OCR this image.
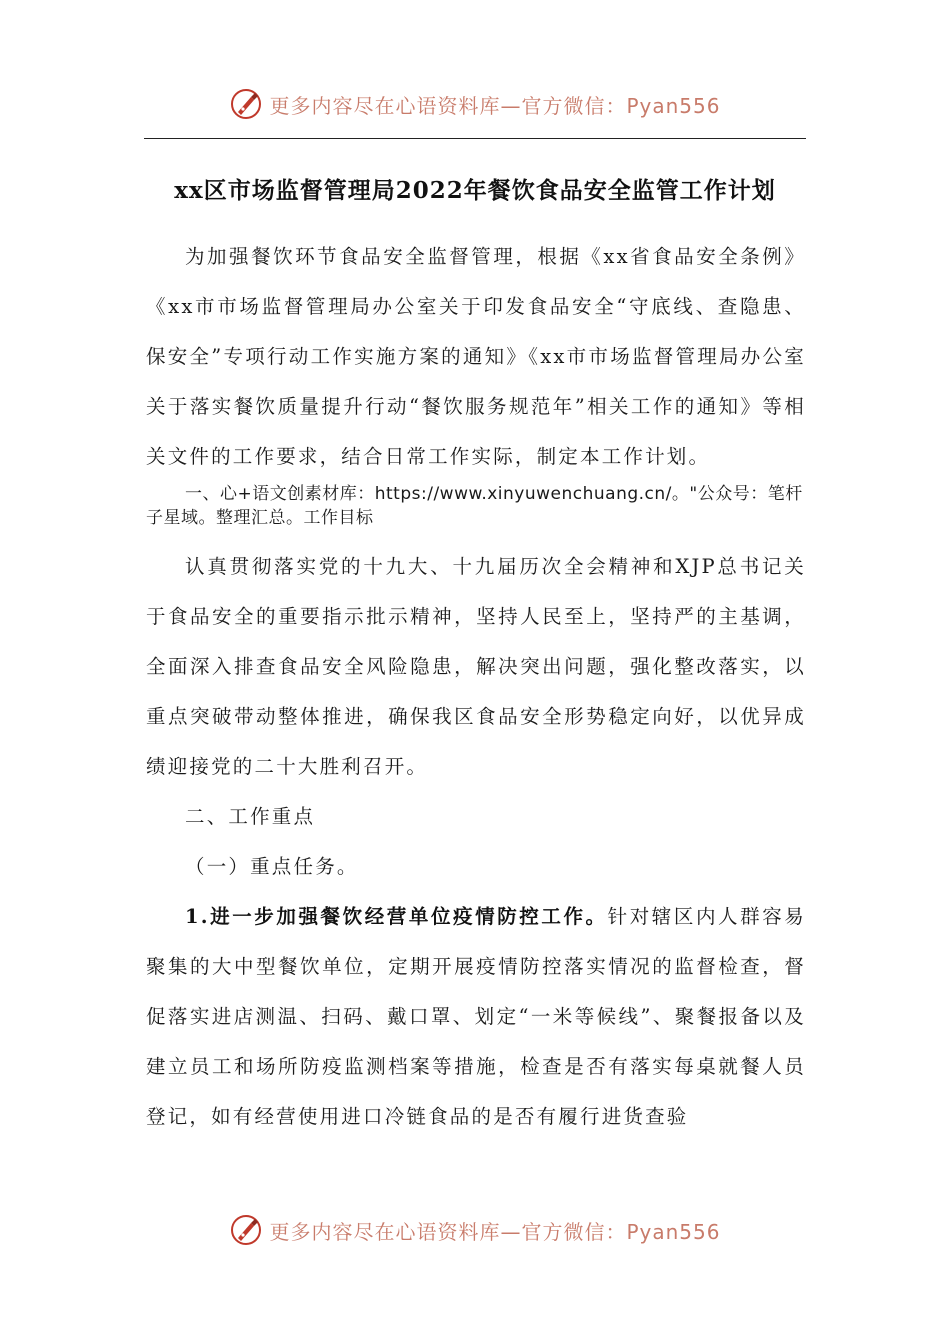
更多内容尽在心语资料库—官方微信：Pyan556
xx区市场监督管理局2022年餐饮食品安全监管工作计划

为加强餐饮环节食品安全监督管理，根据《xx省食品安全条例》《xx市市场监督管理局办公室关于印发食品安全“守底线、查隐患、保安全”专项行动工作实施方案的通知》《xx市市场监督管理局办公室关于落实餐饮质量提升行动“餐饮服务规范年”相关工作的通知》等相关文件的工作要求，结合日常工作实际，制定本工作计划。

一、心+语文创素材库：https://www.xinyuwenchuang.cn/。"公众号：笔杆子星域。整理汇总。工作目标

认真贯彻落实党的十九大、十九届历次全会精神和XJP总书记关于食品安全的重要指示批示精神，坚持人民至上，坚持严的主基调，全面深入排查食品安全风险隐患，解决突出问题，强化整改落实，以重点突破带动整体推进，确保我区食品安全形势稳定向好，以优异成绩迎接党的二十大胜利召开。

二、工作重点

（一）重点任务。

1.进一步加强餐饮经营单位疫情防控工作。针对辖区内人群容易聚集的大中型餐饮单位，定期开展疫情防控落实情况的监督检查，督促落实进店测温、扫码、戴口罩、划定“一米等候线”、聚餐报备以及建立员工和场所防疫监测档案等措施，检查是否有落实每桌就餐人员登记，如有经营使用进口冷链食品的是否有履行进货查验

更多内容尽在心语资料库—官方微信：Pyan556
